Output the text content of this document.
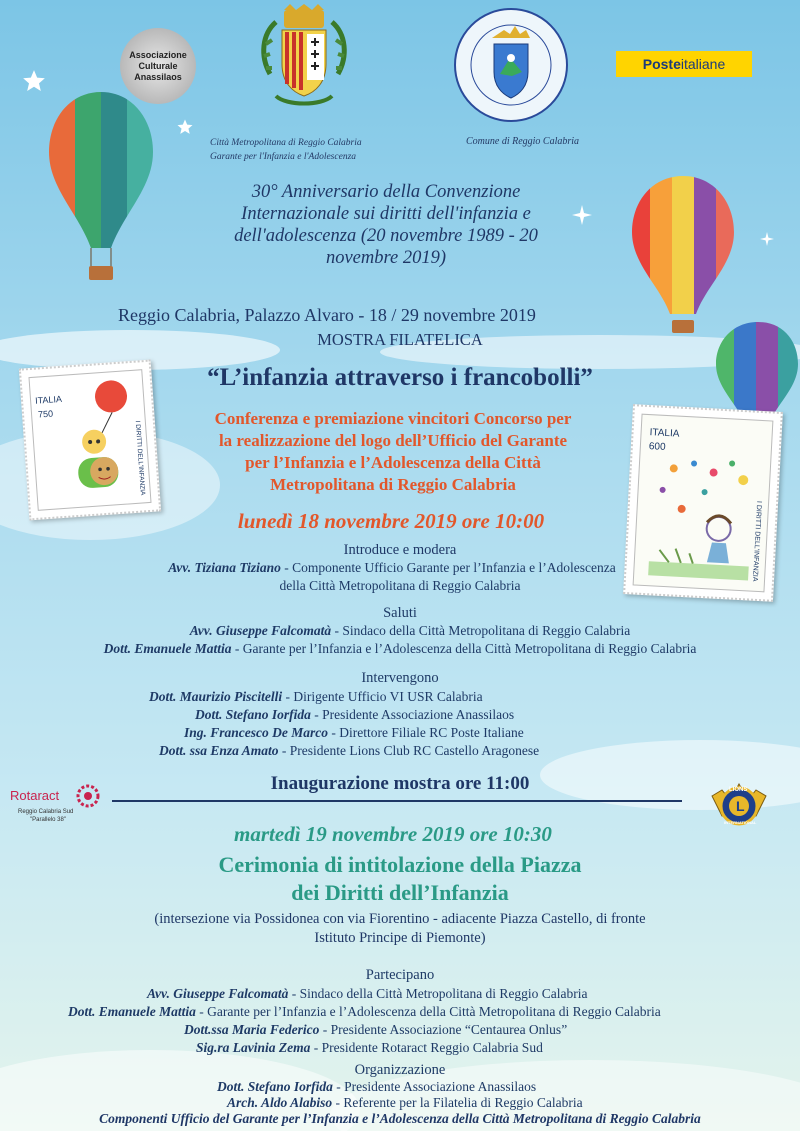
Associazione
Culturale
Anassilaos
Città Metropolitana di Reggio Calabria
Garante per l'Infanzia e l'Adolescenza
Comune di Reggio Calabria
Poste italiane
30° Anniversario della Convenzione
Internazionale sui diritti dell'infanzia e
dell'adolescenza (20 novembre 1989 - 20
novembre 2019)
Reggio Calabria, Palazzo Alvaro - 18 / 29 novembre 2019
MOSTRA FILATELICA
“L’infanzia attraverso i francobolli”
ITALIA
750
I DIRITTI DELL'INFANZIA	ITALIA
600
I DIRITTI DELL'INFANZIA
Conferenza e premiazione vincitori Concorso per
la realizzazione del logo dell’Ufficio del Garante
per l’Infanzia e l’Adolescenza della Città
Metropolitana di Reggio Calabria
lunedì 18 novembre 2019 ore 10:00
Introduce e modera
Avv. Tiziana Tiziano - Componente Ufficio Garante per l’Infanzia e l’Adolescenza
della Città Metropolitana di Reggio Calabria
Saluti
Avv. Giuseppe Falcomatà - Sindaco della Città Metropolitana di Reggio Calabria
Dott. Emanuele Mattia - Garante per l’Infanzia e l’Adolescenza della Città Metropolitana di Reggio Calabria
Intervengono
Dott. Maurizio Piscitelli - Dirigente Ufficio VI USR Calabria
Dott. Stefano Iorfida - Presidente Associazione Anassilaos
Ing. Francesco De Marco - Direttore Filiale RC Poste Italiane
Dott. ssa Enza Amato - Presidente Lions Club RC Castello Aragonese
Inaugurazione mostra ore 11:00
Rotaract
Reggio Calabria Sud
"Parallelo 38"
L
LIONS
INTERNATIONAL
martedì 19 novembre 2019 ore 10:30
Cerimonia di intitolazione della Piazza
dei Diritti dell’Infanzia
(intersezione via Possidonea con via Fiorentino - adiacente Piazza Castello, di fronte
Istituto Principe di Piemonte)
Partecipano
Avv. Giuseppe Falcomatà - Sindaco della Città Metropolitana di Reggio Calabria
Dott. Emanuele Mattia - Garante per l’Infanzia e l’Adolescenza della Città Metropolitana di Reggio Calabria
Dott.ssa Maria Federico - Presidente Associazione “Centaurea Onlus”
Sig.ra Lavinia Zema - Presidente Rotaract Reggio Calabria Sud
Organizzazione
Dott. Stefano Iorfida - Presidente Associazione Anassilaos
Arch. Aldo Alabiso - Referente per la Filatelia di Reggio Calabria
Componenti Ufficio del Garante per l’Infanzia e l’Adolescenza della Città Metropolitana di Reggio Calabria
